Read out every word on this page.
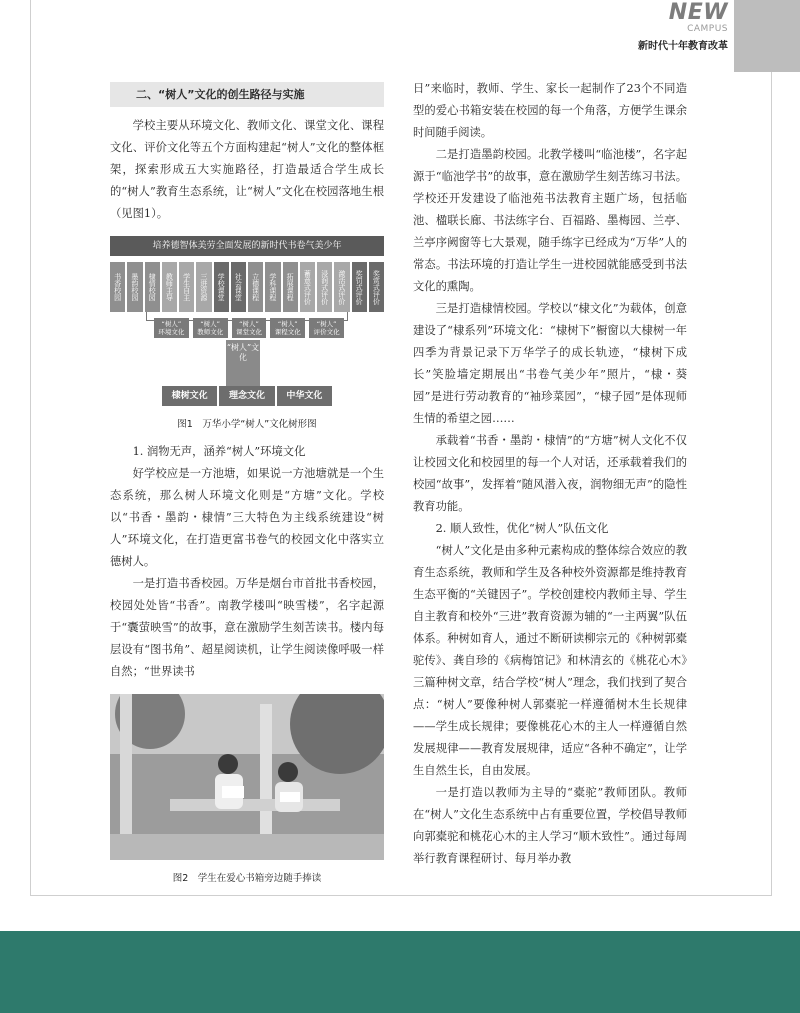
NEW
CAMPUS
新时代十年教育改革
二、“树人”文化的创生路径与实施

学校主要从环境文化、教师文化、课堂文化、课程文化、评价文化等五个方面构建起“树人”文化的整体框架，探索形成五大实施路径，打造最适合学生成长的“树人”教育生态系统，让“树人”文化在校园落地生根（见图1）。

培养德智体美劳全面发展的新时代书卷气美少年
书香校园	墨韵校园	棣情校园	教师主导	学生自主	三进资源	学校课堂	社会课堂	立德课程	学科课程	拓展课程	蓄意式评价	浸润式评价	激活式评价	奖罚式评价	奖赏式评价
“树人”
环境文化
“树人”
教师文化
“树人”
课堂文化
“树人”
课程文化
“树人”
评价文化
“树人”文化
棣树文化	理念文化	中华文化
图1　万华小学“树人”文化树形图

1. 润物无声，涵养“树人”环境文化

好学校应是一方池塘，如果说一方池塘就是一个生态系统，那么树人环境文化则是“方塘”文化。学校以“书香・墨韵・棣情”三大特色为主线系统建设“树人”环境文化，在打造更富书卷气的校园文化中落实立德树人。

一是打造书香校园。万华是烟台市首批书香校园，校园处处皆“书香”。南教学楼叫“映雪楼”，名字起源于“囊萤映雪”的故事，意在激励学生刻苦读书。楼内每层设有“图书角”、超星阅读机，让学生阅读像呼吸一样自然；“世界读书

图2　学生在爱心书箱旁边随手捧读

日”来临时，教师、学生、家长一起制作了23个不同造型的爱心书箱安装在校园的每一个角落，方便学生课余时间随手阅读。

二是打造墨韵校园。北教学楼叫“临池楼”，名字起源于“临池学书”的故事，意在激励学生刻苦练习书法。学校还开发建设了临池苑书法教育主题广场，包括临池、楹联长廊、书法练字台、百福路、墨梅园、兰亭、兰亭序阙窗等七大景观，随手练字已经成为“万华”人的常态。书法环境的打造让学生一进校园就能感受到书法文化的熏陶。

三是打造棣情校园。学校以“棣文化”为载体，创意建设了“棣系列”环境文化：“棣树下”橱窗以大棣树一年四季为背景记录下万华学子的成长轨迹，“棣树下成长”笑脸墙定期展出“书卷气美少年”照片，“棣・葵园”是进行劳动教育的“袖珍菜园”，“棣子园”是体现师生情的希望之园……

承载着“书香・墨韵・棣情”的“方塘”树人文化不仅让校园文化和校园里的每一个人对话，还承载着我们的校园“故事”，发挥着“随风潜入夜，润物细无声”的隐性教育功能。

2. 顺人致性，优化“树人”队伍文化

“树人”文化是由多种元素构成的整体综合效应的教育生态系统，教师和学生及各种校外资源都是维持教育生态平衡的“关键因子”。学校创建校内教师主导、学生自主教育和校外“三进”教育资源为辅的“一主两翼”队伍体系。种树如育人，通过不断研读柳宗元的《种树郭橐驼传》、龚自珍的《病梅馆记》和林清玄的《桃花心木》三篇种树文章，结合学校“树人”理念，我们找到了契合点：“树人”要像种树人郭橐驼一样遵循树木生长规律——学生成长规律；要像桃花心木的主人一样遵循自然发展规律——教育发展规律，适应“各种不确定”，让学生自然生长，自由发展。

一是打造以教师为主导的“橐驼”教师团队。教师在“树人”文化生态系统中占有重要位置，学校倡导教师向郭橐驼和桃花心木的主人学习“顺木致性”。通过每周举行教育课程研讨、每月举办教
